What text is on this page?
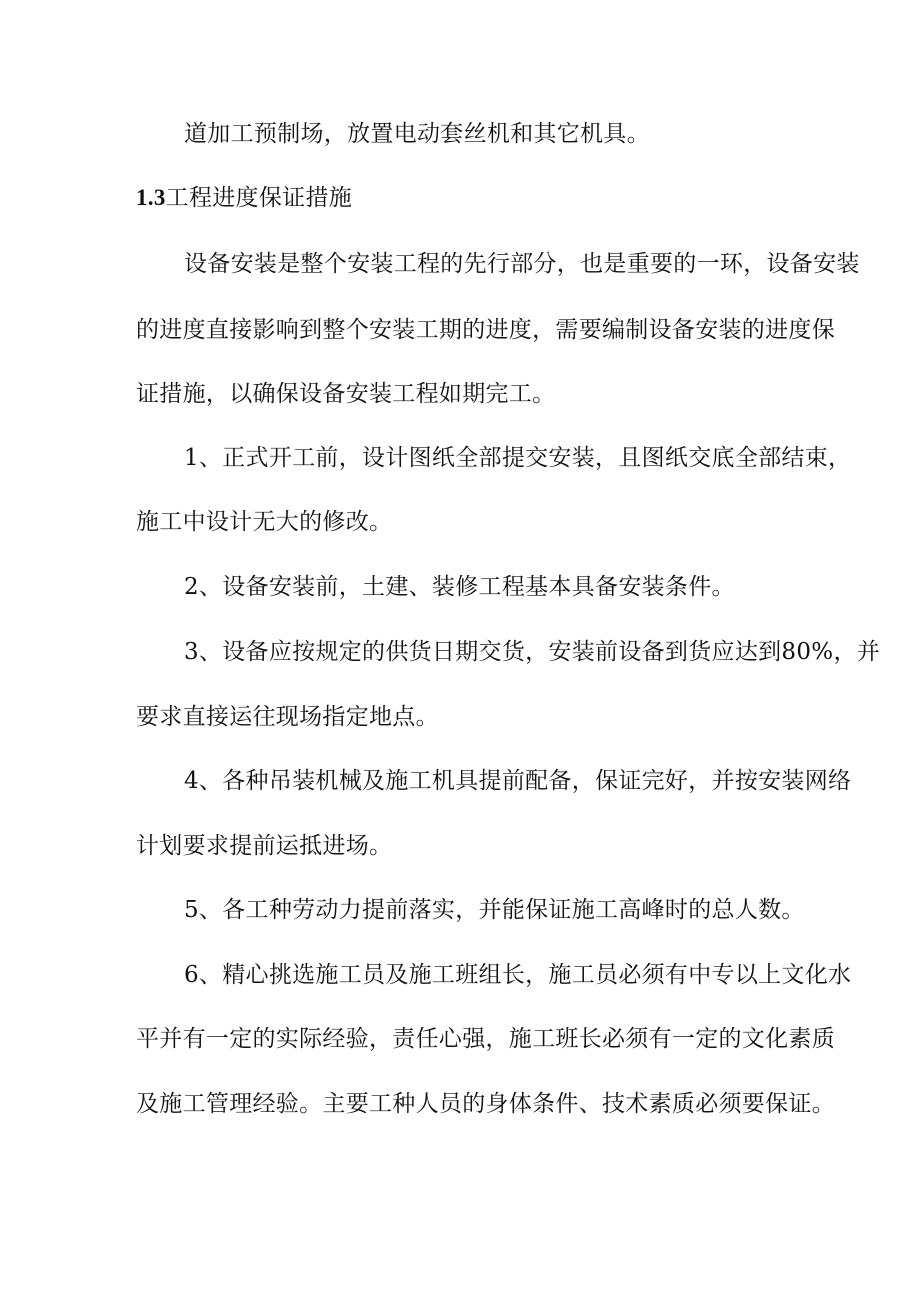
道加工预制场，放置电动套丝机和其它机具。
1.3工程进度保证措施
设备安装是整个安装工程的先行部分，也是重要的一环，设备安装
的进度直接影响到整个安装工期的进度，需要编制设备安装的进度保
证措施，以确保设备安装工程如期完工。
1、正式开工前，设计图纸全部提交安装，且图纸交底全部结束，
施工中设计无大的修改。
2、设备安装前，土建、装修工程基本具备安装条件。
3、设备应按规定的供货日期交货，安装前设备到货应达到80%，并
要求直接运往现场指定地点。
4、各种吊装机械及施工机具提前配备，保证完好，并按安装网络
计划要求提前运抵进场。
5、各工种劳动力提前落实，并能保证施工高峰时的总人数。
6、精心挑选施工员及施工班组长，施工员必须有中专以上文化水
平并有一定的实际经验，责任心强，施工班长必须有一定的文化素质
及施工管理经验。主要工种人员的身体条件、技术素质必须要保证。
